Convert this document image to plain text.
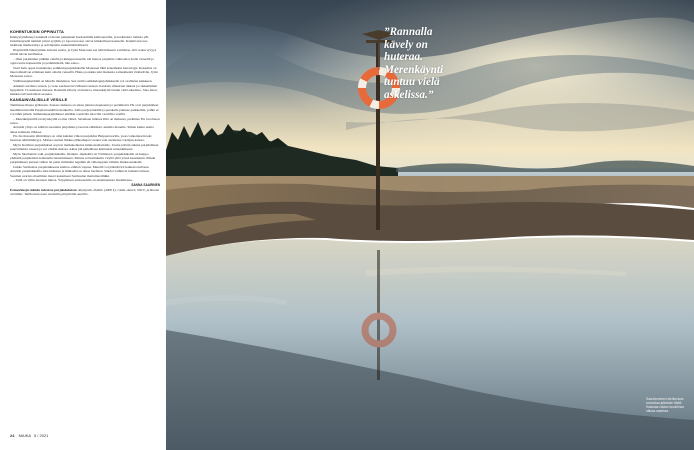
KOHENTUKSIN OPPINUTTA

Kikkyytymänneyt nokkistä ei meren pahjaukeit huolstemilla kallionaarilla, ja korkitsaria lomista ylli. Jurkiinsuyssää tammat piivat syrjään, ja lopovuorossa olevat kirkkoihaan kaarnella. Kanniivuorossa iurkitaan merikarttoja ja selvinpisiin suunnittelmallisesti.

Illapäivällä lähestymme autioita saaria, ja Jyrki Mononen saa tehtäväkseen varmistaa, että veden syvyys riittää laivan kesiliaissa.

– Olen purjehtinut pitkään omalla ja kimppaveneellä. On hienoa purjehtia vaihtoehoi isolla veneellä ja oppia uutta kapteenilta ja perämieheltä, hän sanoo.

Saari halu oppia hoskutteleo seilkkulopurjehduksille Mononen lähti kokemekta harrastajja. Kokemus on muotomisalvan erilainen kuin omalla veneellä. Hieno porukka teki matkasta somaathentä virkistävän, Jyrki Mononen sanoo.

Valittuuurjeisemmä on hänelle mieleinen. Sen avulla seilkkulapurjehduksella voi osallistua kaikkeen.

Ankkuri solahtaa veteen, ja vene saadaan turvallisesti rantaan. Kesäaan rimastaan tikkaat ja rokketimmat hyppäärät 13-asteiseen mereen. Rannalla kävely on huteraa, merenkäynti tuntuu vielä askelissa. Joka alkoo makkaa tulvaasiallaan saarena.

KANSAINVÄLISILLE VESILLE

Tammassa illassa grillataan. Saaren rauhassa on aikaa jutustaa kapteenia ja perämiestä. He ovat purjehtineet maailman merillä Purjelaivasäätiön matkoilla. Joilla purjevenieillä ja purakalla päässee paikkoihin, joihin ei voi tähtä päästä. Seilkkulapurjehdukset tehdään vaativilla laiovilla vaativilla vesillä.

– Merenkäynnillä tai myrskyillä ei aina väistä. Satamaan tullessa Illin on mahassa, perämies Pia Jacobsson sanoo.

Atlantin ylitys on säätiön suosituin purjehdus ja kerran elämässä -unelma monelle. Siihen kuluu useita aikaa kolmeen viikkoa.

Pia Jacobssonin tähtiräänys on ollut kahden viikon purjehdus Huippuvuorilla, jossa valkoiskarin teki luonnon äärimmäisyys. Maissa saarten liikkua jääkarhujen vuoksi vain aseinensa varttijan kanssa.

Myös Karibian purjehdukset sopivat matkakohteina kiinnostamattoille. Useite päivän aikana purjehditaan saarivälteista toiseen ja voi viltään maissa. Aikaa jää paikallisen kulttuurin tutustumiseen.

Myös Skotlannin vaki -purjehduksilla, Islannin -matkoilla tai Välimeren -purjehduksilla on helppo yhdistää purjehdusta kohteisiin tutustumiseen. Maissa eri kulttuuriin viryttä yhtä yössä kasemanin. Pitkän purjehdukset jaetaan vilkon tai parin mittaisiin legeihin eli välietappien välisiin matkaosuuksiin.

Jarkko Sarmaalaa purjehduksessa kiehtoo emtien vapaus. Merellä voi päästää irti kaikesta turhasta. Atlantin purjehduksilla aika hidastuu ja ihmiseltä on aikaa itselleen. Säkdot vaihtuvat laidasta laitaan. Suomen saaristo maailman meret kokemeen Sarmaalan mariumaotilikki.

– Tallä on villin luonnon lumoa. Yöpymisen autiosaarilla on ainutlaatuista maailmassa.

SANNA SAARINEN

Esimerkkejä säätiön tulevista purjehduksista: Reykjavík–Dublin (4000 €), Cádiz–Azorit, 900 €, ja Ruotsi rannikko: Tallinnasta osaa vanhoilla pohjoisilla saarille.

24 MAIKA 5 / 2021
”Rannalla
kävely on
huteraa.
Merenkäynti
tuntuu vielä
askelissa.”
Saaristomeren kiehtovissa rannoissa jalkaiden tilallä Kaskaaa vaiaan kuulutinsa näissa saarissa.
